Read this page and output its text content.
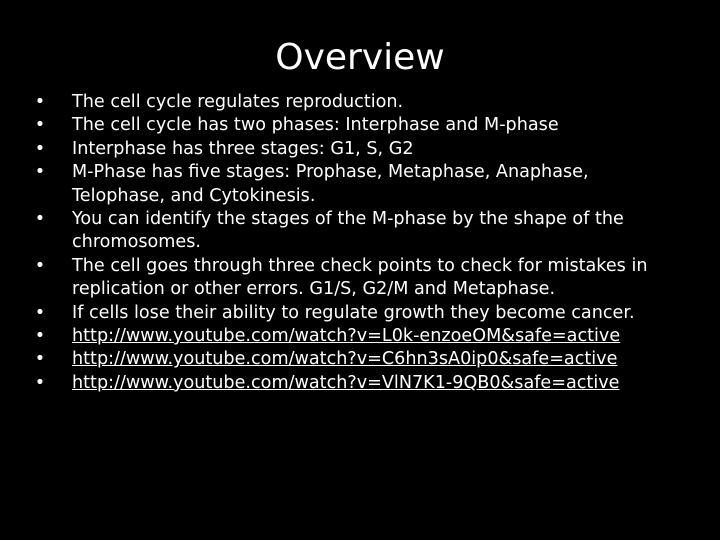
Overview
• The cell cycle regulates reproduction.
• The cell cycle has two phases: Interphase and M-phase
• Interphase has three stages: G1, S, G2
• M-Phase has five stages: Prophase, Metaphase, Anaphase, Telophase, and Cytokinesis.
• You can identify the stages of the M-phase by the shape of the chromosomes.
• The cell goes through three check points to check for mistakes in replication or other errors. G1/S, G2/M and Metaphase.
• If cells lose their ability to regulate growth they become cancer.
• http://www.youtube.com/watch?v=L0k-enzoeOM&safe=active
• http://www.youtube.com/watch?v=C6hn3sA0ip0&safe=active
• http://www.youtube.com/watch?v=VlN7K1-9QB0&safe=active
